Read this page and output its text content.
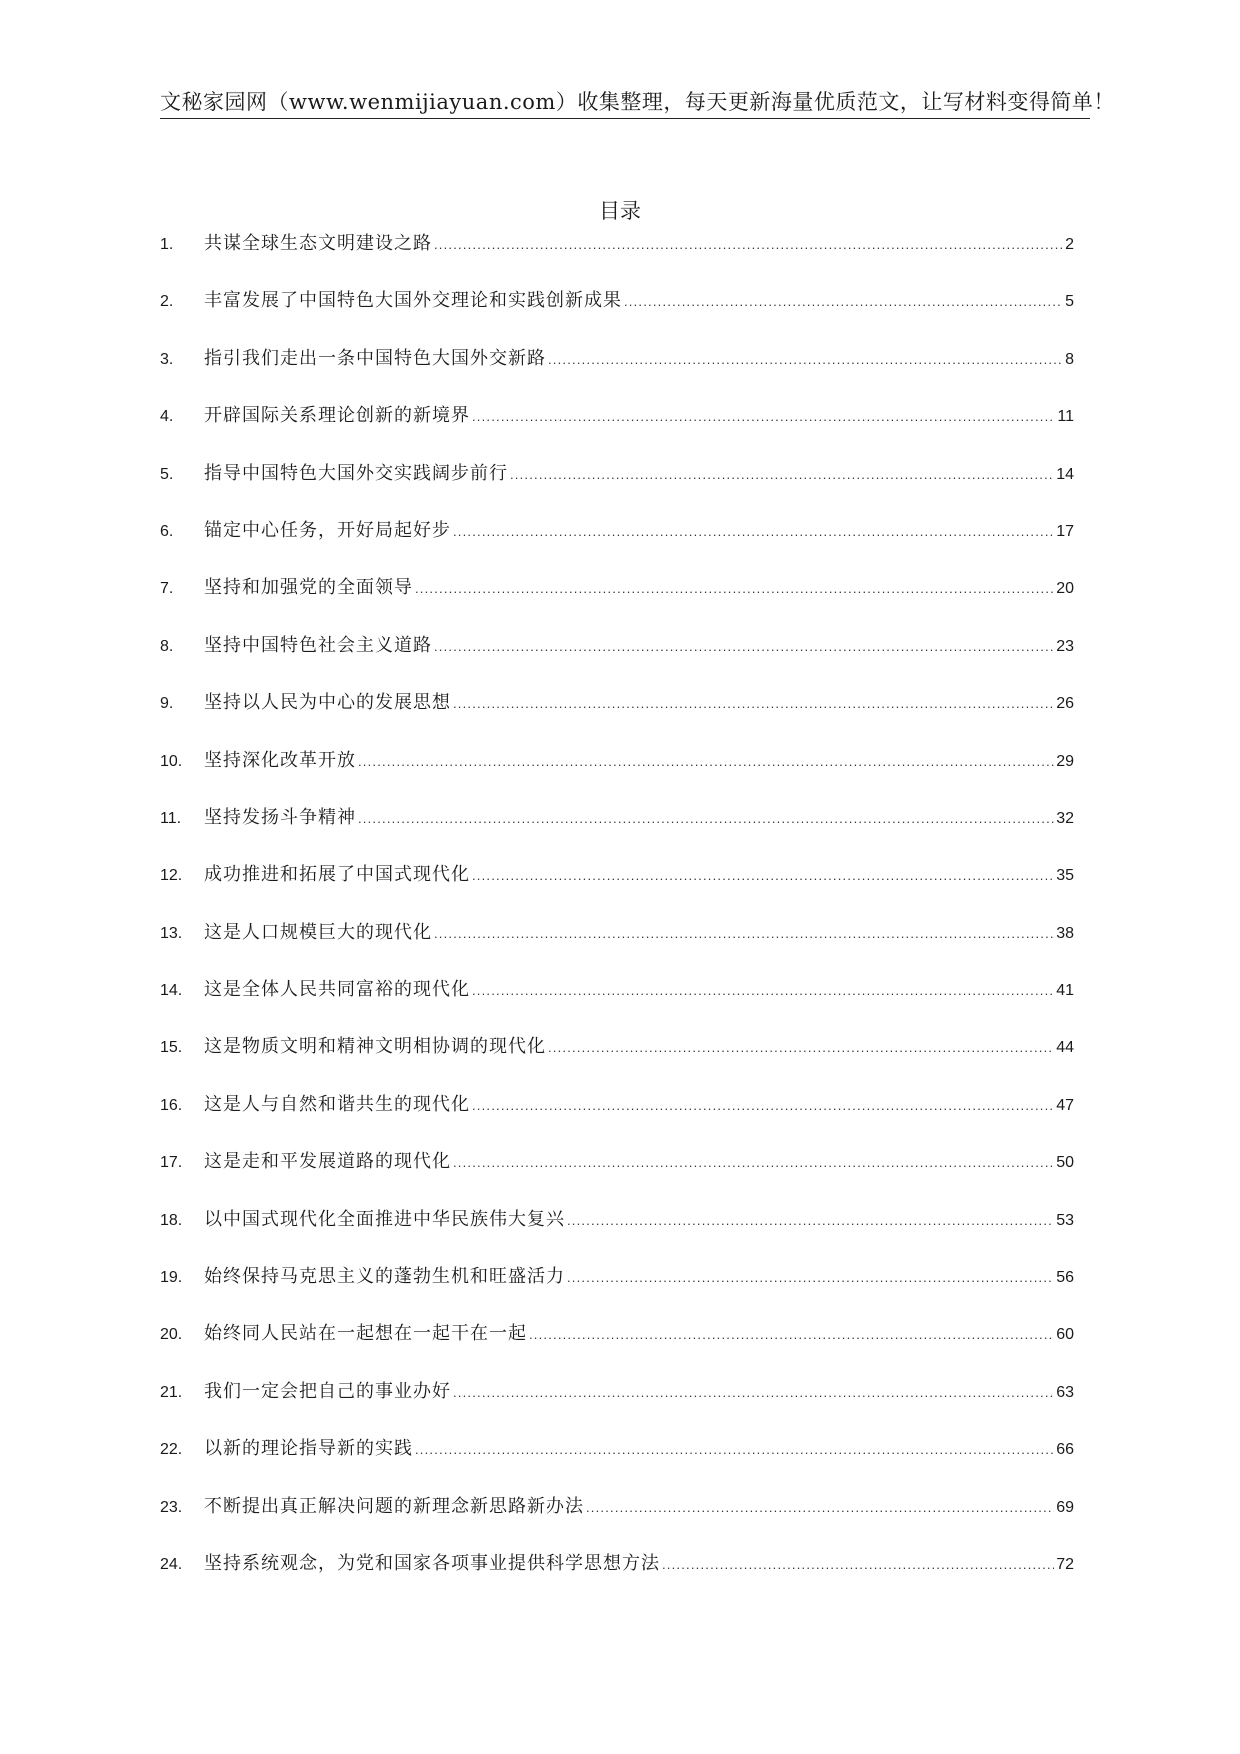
文秘家园网（www.wenmijiayuan.com）收集整理，每天更新海量优质范文，让写材料变得简单！
目录
1.	共谋全球生态文明建设之路 .....	2
2.	丰富发展了中国特色大国外交理论和实践创新成果 .....	5
3.	指引我们走出一条中国特色大国外交新路 .....	8
4.	开辟国际关系理论创新的新境界 .....	11
5.	指导中国特色大国外交实践阔步前行 .....	14
6.	锚定中心任务，开好局起好步 .....	17
7.	坚持和加强党的全面领导 .....	20
8.	坚持中国特色社会主义道路 .....	23
9.	坚持以人民为中心的发展思想 .....	26
10.	坚持深化改革开放 .....	29
11.	坚持发扬斗争精神 .....	32
12.	成功推进和拓展了中国式现代化 .....	35
13.	这是人口规模巨大的现代化 .....	38
14.	这是全体人民共同富裕的现代化 .....	41
15.	这是物质文明和精神文明相协调的现代化 .....	44
16.	这是人与自然和谐共生的现代化 .....	47
17.	这是走和平发展道路的现代化 .....	50
18.	以中国式现代化全面推进中华民族伟大复兴 .....	53
19.	始终保持马克思主义的蓬勃生机和旺盛活力 .....	56
20.	始终同人民站在一起想在一起干在一起 .....	60
21.	我们一定会把自己的事业办好 .....	63
22.	以新的理论指导新的实践 .....	66
23.	不断提出真正解决问题的新理念新思路新办法 .....	69
24.	坚持系统观念，为党和国家各项事业提供科学思想方法 .....	72
